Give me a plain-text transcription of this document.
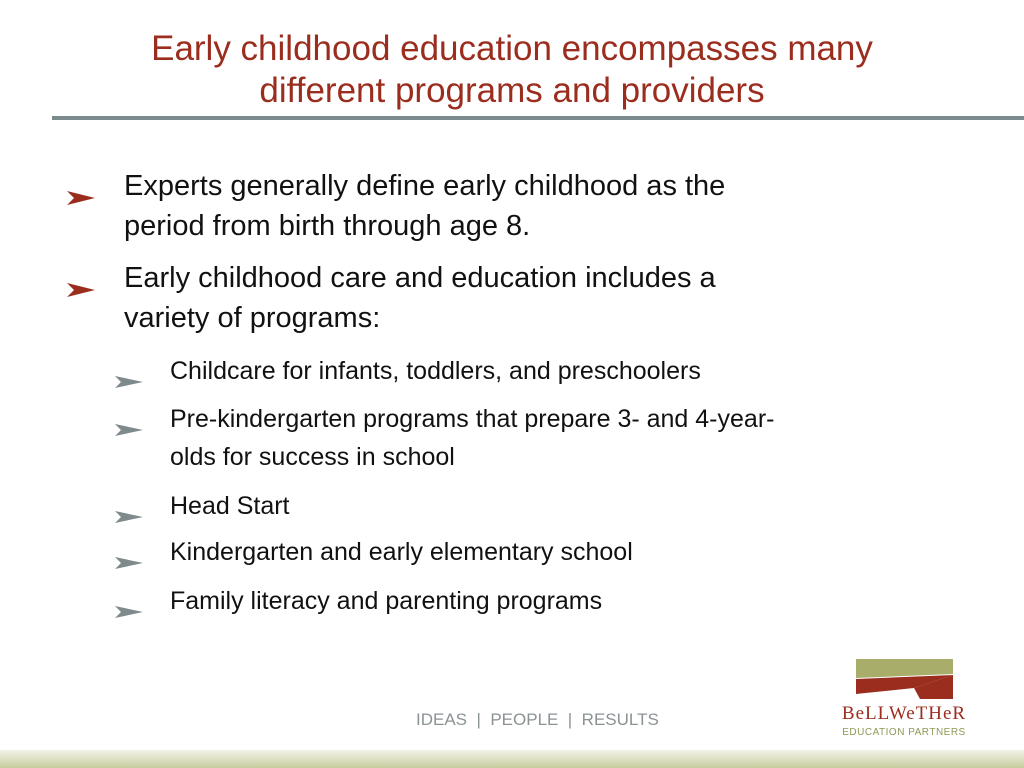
Early childhood education encompasses many
different programs and providers
Experts generally define early childhood as the
period from birth through age 8.
Early childhood care and education includes a
variety of programs:
Childcare for infants, toddlers, and preschoolers
Pre-kindergarten programs that prepare 3- and 4-year-
olds for success in school
Head Start
Kindergarten and early elementary school
Family literacy and parenting programs
IDEAS  |  PEOPLE  |  RESULTS	BeLLWeTHeR
EDUCATION PARTNERS
